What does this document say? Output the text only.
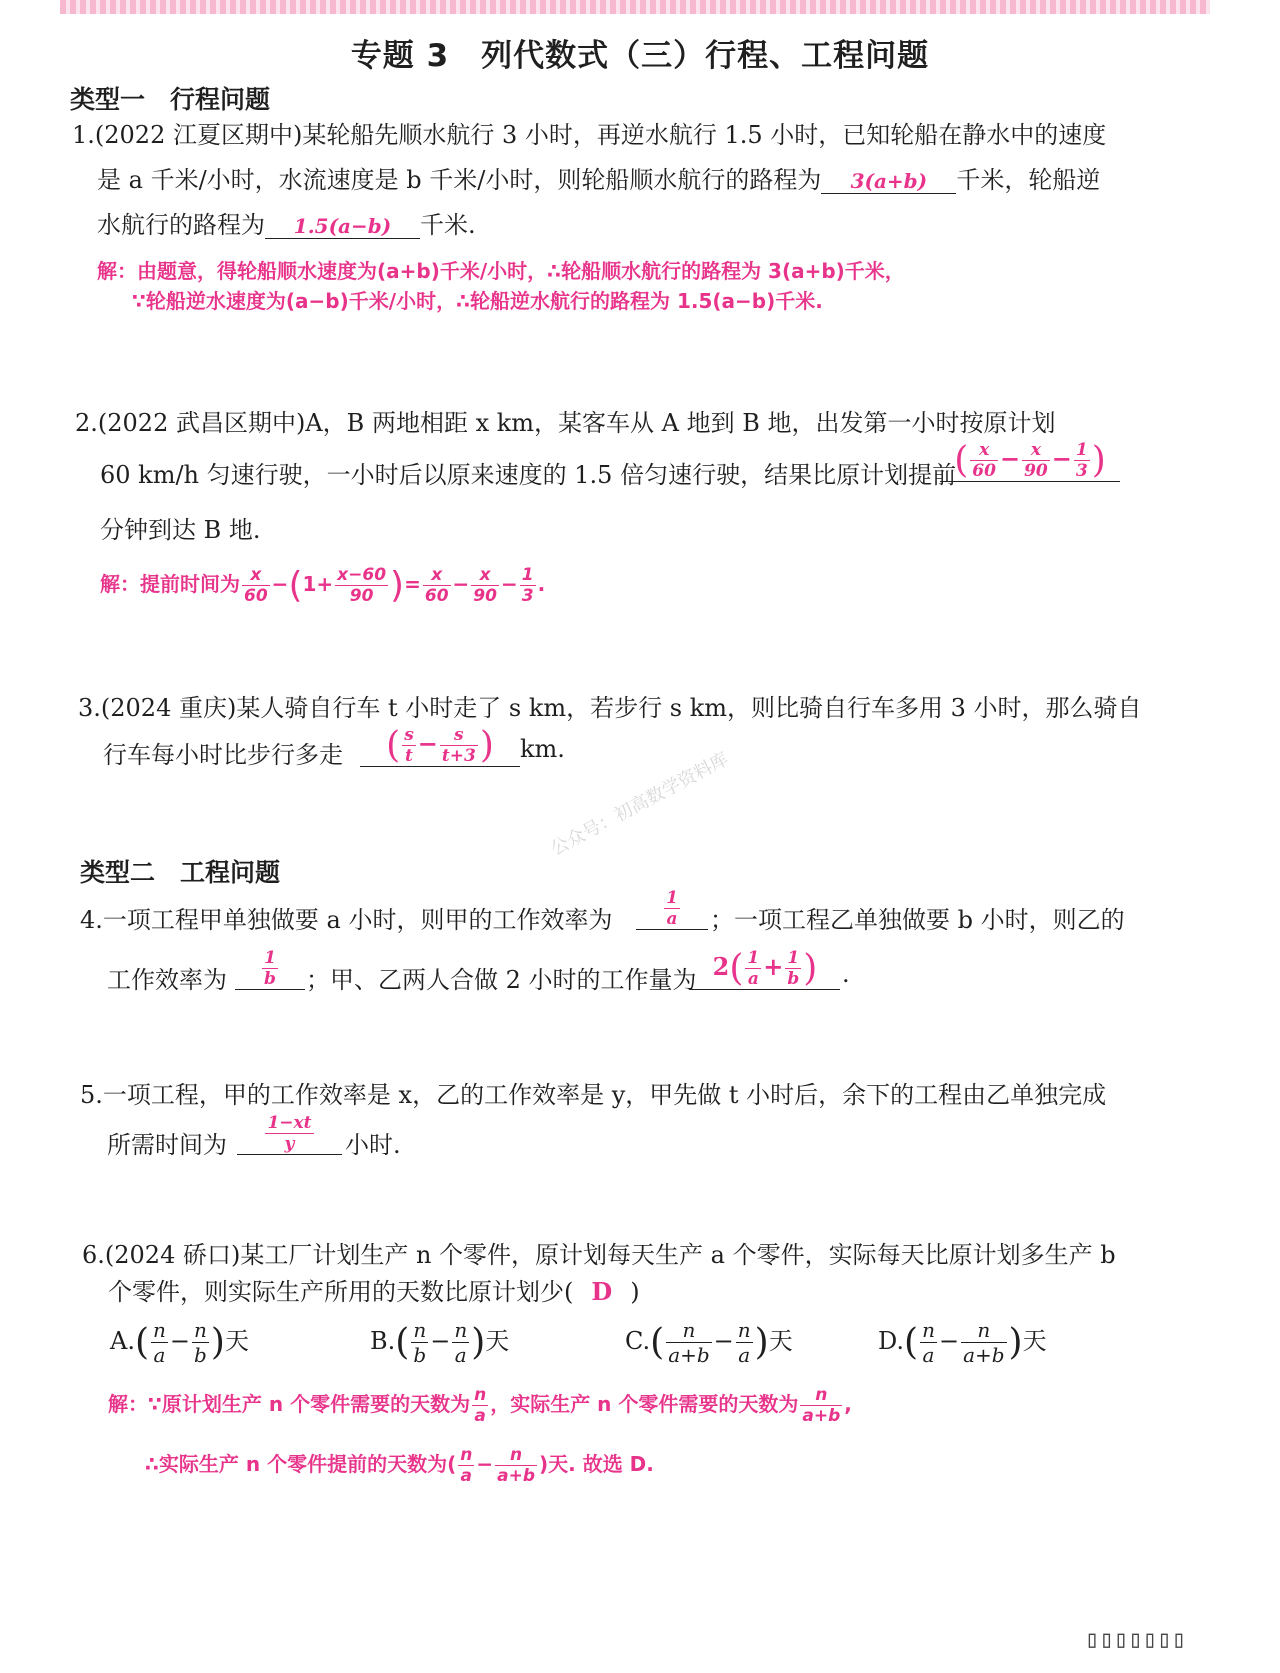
专题 3　列代数式（三）行程、工程问题
类型一　行程问题
1.(2022 江夏区期中)某轮船先顺水航行 3 小时，再逆水航行 1.5 小时，已知轮船在静水中的速度
是 a 千米/小时，水流速度是 b 千米/小时，则轮船顺水航行的路程为 3(a+b) 千米，轮船逆
水航行的路程为 1.5(a−b) 千米.
解：由题意，得轮船顺水速度为(a+b)千米/小时，∴轮船顺水航行的路程为 3(a+b)千米，
∵轮船逆水速度为(a−b)千米/小时，∴轮船逆水航行的路程为 1.5(a−b)千米.
2.(2022 武昌区期中)A，B 两地相距 x km，某客车从 A 地到 B 地，出发第一小时按原计划
60 km/h 匀速行驶，一小时后以原来速度的 1.5 倍匀速行驶，结果比原计划提前
( $\frac{x}{60} - \frac{x}{90} - \frac{1}{3}$ )
分钟到达 B 地.
解：提前时间为 $\frac{x}{60} -(1+ \frac{x-60}{90}$ )= $\frac{x}{60} - \frac{x}{90} - \frac{1}{3}$ .
3.(2024 重庆)某人骑自行车 t 小时走了 s km，若步行 s km，则比骑自行车多用 3 小时，那么骑自
行车每小时比步行多走	( $\frac{s}{t} - \frac{s}{t+3}$ )	km.
公众号：初高数学资料库
类型二　工程问题
4.一项工程甲单独做要 a 小时，则甲的工作效率为	$\frac{1}{a}$ ；一项工程乙单独做要 b 小时，则乙的
工作效率为 $\frac{1}{b}$ ；甲、乙两人合做 2 小时的工作量为 $2( \frac{1}{a} + \frac{1}{b}$ )	.
5.一项工程，甲的工作效率是 x，乙的工作效率是 y，甲先做 t 小时后，余下的工程由乙单独完成
所需时间为 $\frac{1-xt}{y}$ 小时.
6.(2024 硚口)某工厂计划生产 n 个零件，原计划每天生产 a 个零件，实际每天比原计划多生产 b
个零件，则实际生产所用的天数比原计划少( D )
$A.( \frac{n}{a} - \frac{n}{b}$ )天	$B.( \frac{n}{b} - \frac{n}{a}$ )天	$C.( \frac{n}{a+b} - \frac{n}{a}$ )天	$D.( \frac{n}{a} - \frac{n}{a+b}$ )天
解：∵原计划生产 n 个零件需要的天数为 $\frac{n}{a}$ ，实际生产 n 个零件需要的天数为 $\frac{n}{a+b}$ ,
∴实际生产 n 个零件提前的天数为( $\frac{n}{a} - \frac{n}{a+b}$ )天. 故选 D.
▯▯▯▯▯▯▯
